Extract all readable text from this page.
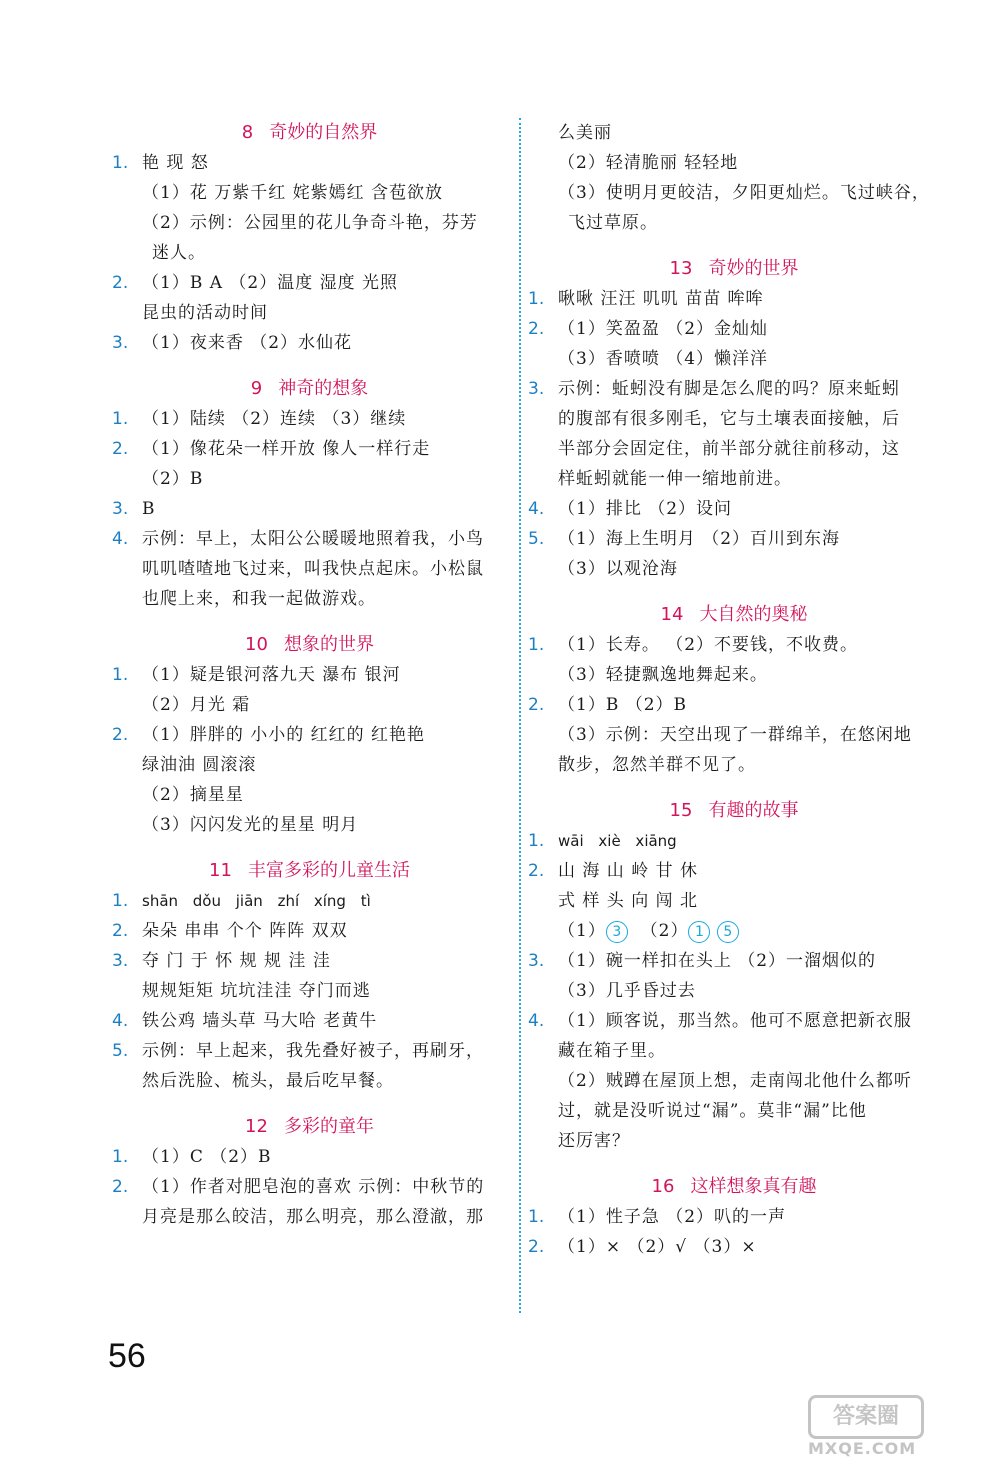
8 奇妙的自然界
1. 艳 现 怒
（1）花 万紫千红 姹紫嫣红 含苞欲放
（2）示例：公园里的花儿争奇斗艳，芬芳
迷人。
2. （1）B A （2）温度 湿度 光照
昆虫的活动时间
3. （1）夜来香 （2）水仙花
9 神奇的想象
1. （1）陆续 （2）连续 （3）继续
2. （1）像花朵一样开放 像人一样行走
（2）B
3. B
4. 示例：早上，太阳公公暖暖地照着我，小鸟
叽叽喳喳地飞过来，叫我快点起床。小松鼠
也爬上来，和我一起做游戏。
10 想象的世界
1. （1）疑是银河落九天 瀑布 银河
（2）月光 霜
2. （1）胖胖的 小小的 红红的 红艳艳
绿油油 圆滚滚
（2）摘星星
（3）闪闪发光的星星 明月
11 丰富多彩的儿童生活
1. shān dǒu jiān zhí xíng tì
2. 朵朵 串串 个个 阵阵 双双
3. 夺 门 于 怀 规 规 洼 洼
规规矩矩 坑坑洼洼 夺门而逃
4. 铁公鸡 墙头草 马大哈 老黄牛
5. 示例：早上起来，我先叠好被子，再刷牙，
然后洗脸、梳头，最后吃早餐。
12 多彩的童年
1. （1）C （2）B
2. （1）作者对肥皂泡的喜欢 示例：中秋节的
月亮是那么皎洁，那么明亮，那么澄澈，那
么美丽
（2）轻清脆丽 轻轻地
（3）使明月更皎洁，夕阳更灿烂。飞过峡谷，
飞过草原。
13 奇妙的世界
1. 啾啾 汪汪 叽叽 苗苗 哞哞
2. （1）笑盈盈 （2）金灿灿
（3）香喷喷 （4）懒洋洋
3. 示例：蚯蚓没有脚是怎么爬的吗？原来蚯蚓
的腹部有很多刚毛，它与土壤表面接触，后
半部分会固定住，前半部分就往前移动，这
样蚯蚓就能一伸一缩地前进。
4. （1）排比 （2）设问
5. （1）海上生明月 （2）百川到东海
（3）以观沧海
14 大自然的奥秘
1. （1）长寿。 （2）不要钱，不收费。
（3）轻捷飘逸地舞起来。
2. （1）B （2）B
（3）示例：天空出现了一群绵羊，在悠闲地
散步，忽然羊群不见了。
15 有趣的故事
1. wāi xiè xiāng
2. 山 海 山 岭 甘 休
式 样 头 向 闯 北
（1） 3  （2） 1 5
3. （1）碗一样扣在头上 （2）一溜烟似的
（3）几乎昏过去
4. （1）顾客说，那当然。他可不愿意把新衣服
藏在箱子里。
（2）贼蹲在屋顶上想，走南闯北他什么都听
过，就是没听说过“漏”。莫非“漏”比他
还厉害？
16 这样想象真有趣
1. （1）性子急 （2）叭的一声
2. （1）× （2）√ （3）×
56
答案圈
MXQE.COM
